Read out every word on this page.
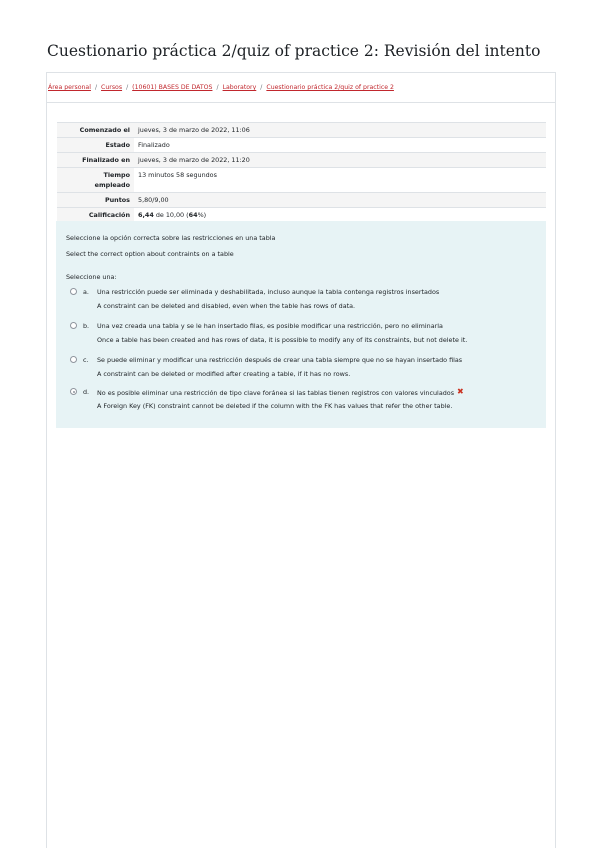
Cuestionario práctica 2/quiz of practice 2: Revisión del intento
Área personal / Cursos / (10601) BASES DE DATOS / Laboratory / Cuestionario práctica 2/quiz of practice 2
Comenzado el	jueves, 3 de marzo de 2022, 11:06
Estado	Finalizado
Finalizado en	jueves, 3 de marzo de 2022, 11:20
Tiempo
empleado	13 minutos 58 segundos
Puntos	5,80/9,00
Calificación	6,44 de 10,00 (64%)
Seleccione la opción correcta sobre las restricciones en una tabla
Select the correct option about contraints on a table
Seleccione una:
a. Una restricción puede ser eliminada y deshabilitada, incluso aunque la tabla contenga registros insertados
A constraint can be deleted and disabled, even when the table has rows of data.
b. Una vez creada una tabla y se le han insertado filas, es posible modificar una restricción, pero no eliminarla
Once a table has been created and has rows of data, it is possible to modify any of its constraints, but not delete it.
c. Se puede eliminar y modificar una restricción después de crear una tabla siempre que no se hayan insertado filas
A constraint can be deleted or modified after creating a table, if it has no rows.
d. No es posible eliminar una restricción de tipo clave foránea si las tablas tienen registros con valores vinculados ✖
A Foreign Key (FK) constraint cannot be deleted if the column with the FK has values that refer the other table.
